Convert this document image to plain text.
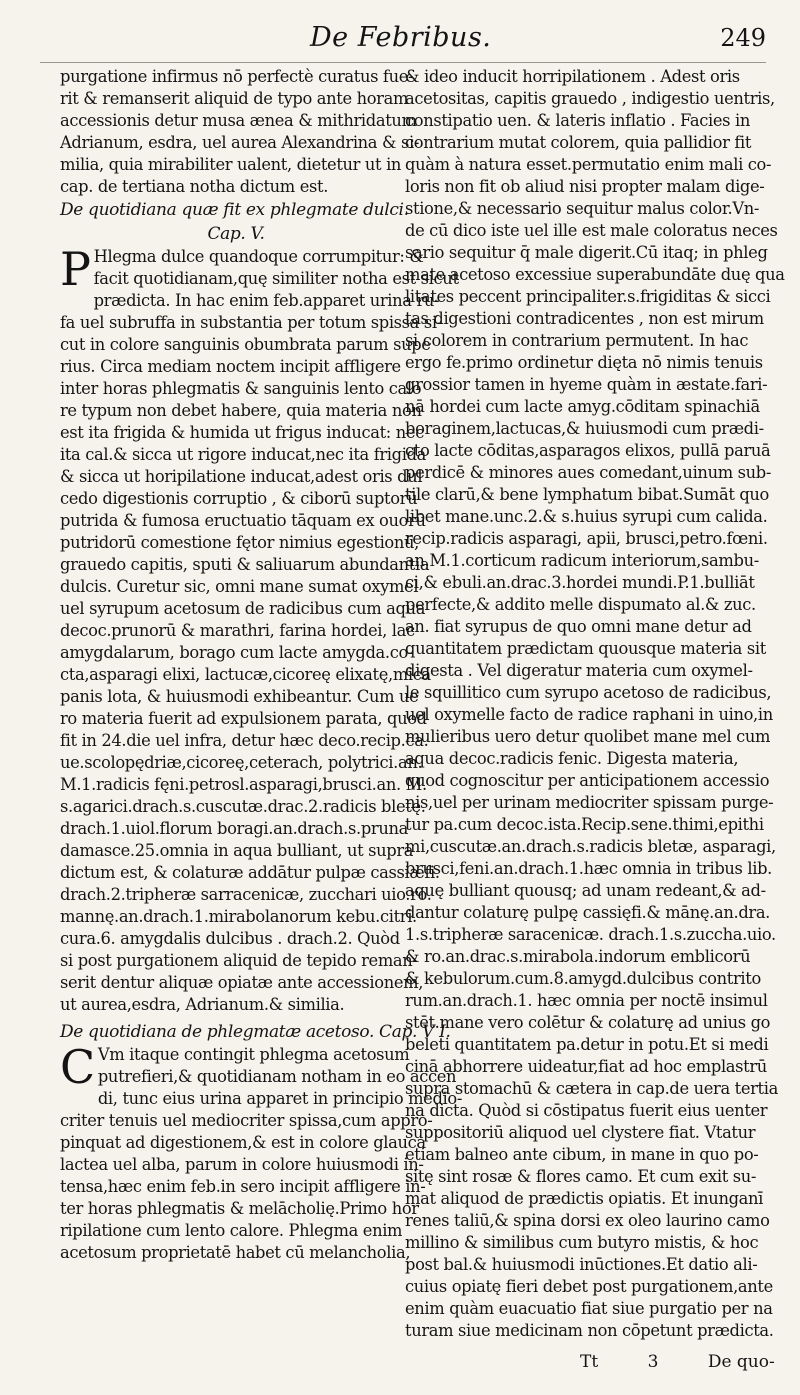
De Febribus.	249
purgatione infirmus nō perfectè curatus fue-
rit & remanserit aliquid de typo ante horam
accessionis detur musa ænea & mithridatum
Adrianum, esdra, uel aurea Alexandrina & si-
milia, quia mirabiliter ualent, dietetur ut in
cap. de tertiana notha dictum est.
De quotidiana quæ fit ex phlegmate dulci.
Cap. V.
P Hlegma dulce quandoque corrumpitur: &
facit quotidianam,quę similiter notha est sicut
prædicta. In hac enim feb.apparet urina ru-
fa uel subruffa in substantia per totum spissa si-
cut in colore sanguinis obumbrata parum supe
rius. Circa mediam noctem incipit affligere
inter horas phlegmatis & sanguinis lento calo
re typum non debet habere, quia materia non
est ita frigida & humida ut frigus inducat: nec
ita cal.& sicca ut rigore inducat,nec ita frigida
& sicca ut horipilatione inducat,adest oris dul
cedo digestionis corruptio , & ciborū suptorū
putrida & fumosa eructuatio tāquam ex ouorū
putridorū comestione fętor nimius egestionū,
grauedo capitis, sputi & saliuarum abundantia
dulcis. Curetur sic, omni mane sumat oxymel
uel syrupum acetosum de radicibus cum aqua
decoc.prunorū & marathri, farina hordei, lac
amygdalarum, borago cum lacte amygda.co-
cta,asparagi elixi, lactucæ,cicoreę elixatę,mica
panis lota, & huiusmodi exhibeantur. Cum ue
ro materia fuerit ad expulsionem parata, quod
fit in 24.die uel infra, detur hæc deco.recip.ca.
ue.scolopędriæ,cicoreę,ceterach, polytrici.an.
M.1.radicis fęni.petrosl.asparagi,brusci.an. M.
s.agarici.drach.s.cuscutæ.drac.2.radicis bletę.
drach.1.uiol.florum boragi.an.drach.s.pruna
damasce.25.omnia in aqua bulliant, ut supra
dictum est, & colaturæ addātur pulpæ cassiæfi.
drach.2.tripheræ sarracenicæ, zucchari uio.ro.
mannę.an.drach.1.mirabolanorum kebu.citri.
cura.6. amygdalis dulcibus . drach.2. Quòd
si post purgationem aliquid de tepido reman-
serit dentur aliquæ opiatæ ante accessionem,
ut aurea,esdra, Adrianum.& similia.
De quotidiana de phlegmatæ acetoso. Cap. V I.
C Vm itaque contingit phlegma acetosum
putrefieri,& quotidianam notham in eo accen
di, tunc eius urina apparet in principio medio-
criter tenuis uel mediocriter spissa,cum appro-
pinquat ad digestionem,& est in colore glauca
lactea uel alba, parum in colore huiusmodi in-
tensa,hæc enim feb.in sero incipit affligere in-
ter horas phlegmatis & melācholię.Primo hor
ripilatione cum lento calore. Phlegma enim
acetosum proprietatē habet cū melancholia,
& ideo inducit horripilationem . Adest oris
acetositas, capitis grauedo , indigestio uentris,
constipatio uen. & lateris inflatio . Facies in
contrarium mutat colorem, quia pallidior fit
quàm à natura esset.permutatio enim mali co-
loris non fit ob aliud nisi propter malam dige-
stione,& necessario sequitur malus color.Vn-
de cū dico iste uel ille est male coloratus neces
sario sequitur q̄ male digerit.Cū itaq; in phleg
mate acetoso excessiue superabundāte duę qua
litates peccent principaliter.s.frigiditas & sicci
tas digestioni contradicentes , non est mirum
si colorem in contrarium permutent. In hac
ergo fe.primo ordinetur dięta nō nimis tenuis
grossior tamen in hyeme quàm in æstate.fari-
nā hordei cum lacte amyg.cōditam spinachiā
boraginem,lactucas,& huiusmodi cum prædi-
cto lacte cōditas,asparagos elixos, pullā paruā
perdicē & minores aues comedant,uinum sub-
tile clarū,& bene lymphatum bibat.Sumāt quo
libet mane.unc.2.& s.huius syrupi cum calida.
recip.radicis asparagi, apii, brusci,petro.fœni.
an.M.1.corticum radicum interiorum,sambu-
ci,& ebuli.an.drac.3.hordei mundi.P.1.bulliāt
perfecte,& addito melle dispumato al.& zuc.
an. fiat syrupus de quo omni mane detur ad
quantitatem prædictam quousque materia sit
digesta . Vel digeratur materia cum oxymel-
le squillitico cum syrupo acetoso de radicibus,
uel oxymelle facto de radice raphani in uino,in
mulieribus uero detur quolibet mane mel cum
aqua decoc.radicis fenic. Digesta materia,
quod cognoscitur per anticipationem accessio
nis,uel per urinam mediocriter spissam purge-
tur pa.cum decoc.ista.Recip.sene.thimi,epithi
mi,cuscutæ.an.drach.s.radicis bletæ, asparagi,
brusci,feni.an.drach.1.hæc omnia in tribus lib.
aquę bulliant quousq; ad unam redeant,& ad-
dantur colaturę pulpę cassięfi.& mānę.an.dra.
1.s.tripheræ saracenicæ. drach.1.s.zuccha.uio.
& ro.an.drac.s.mirabola.indorum emblicorū
& kebulorum.cum.8.amygd.dulcibus contrito
rum.an.drach.1. hæc omnia per noctē insimul
stēt.mane vero colētur & colaturę ad unius go
beleti quantitatem pa.detur in potu.Et si medi
cinā abhorrere uideatur,fiat ad hoc emplastrū
supra stomachū & cætera in cap.de uera tertia
na dicta. Quòd si cōstipatus fuerit eius uenter
suppositoriū aliquod uel clystere fiat. Vtatur
etiam balneo ante cibum, in mane in quo po-
sitę sint rosæ & flores camo. Et cum exit su-
mat aliquod de prædictis opiatis. Et inunganī
renes taliū,& spina dorsi ex oleo laurino camo
millino & similibus cum butyro mistis, & hoc
post bal.& huiusmodi inūctiones.Et datio ali-
cuius opiatę fieri debet post purgationem,ante
enim quàm euacuatio fiat siue purgatio per na
turam siue medicinam non cōpetunt prædicta.
Tt	3	De quo-
